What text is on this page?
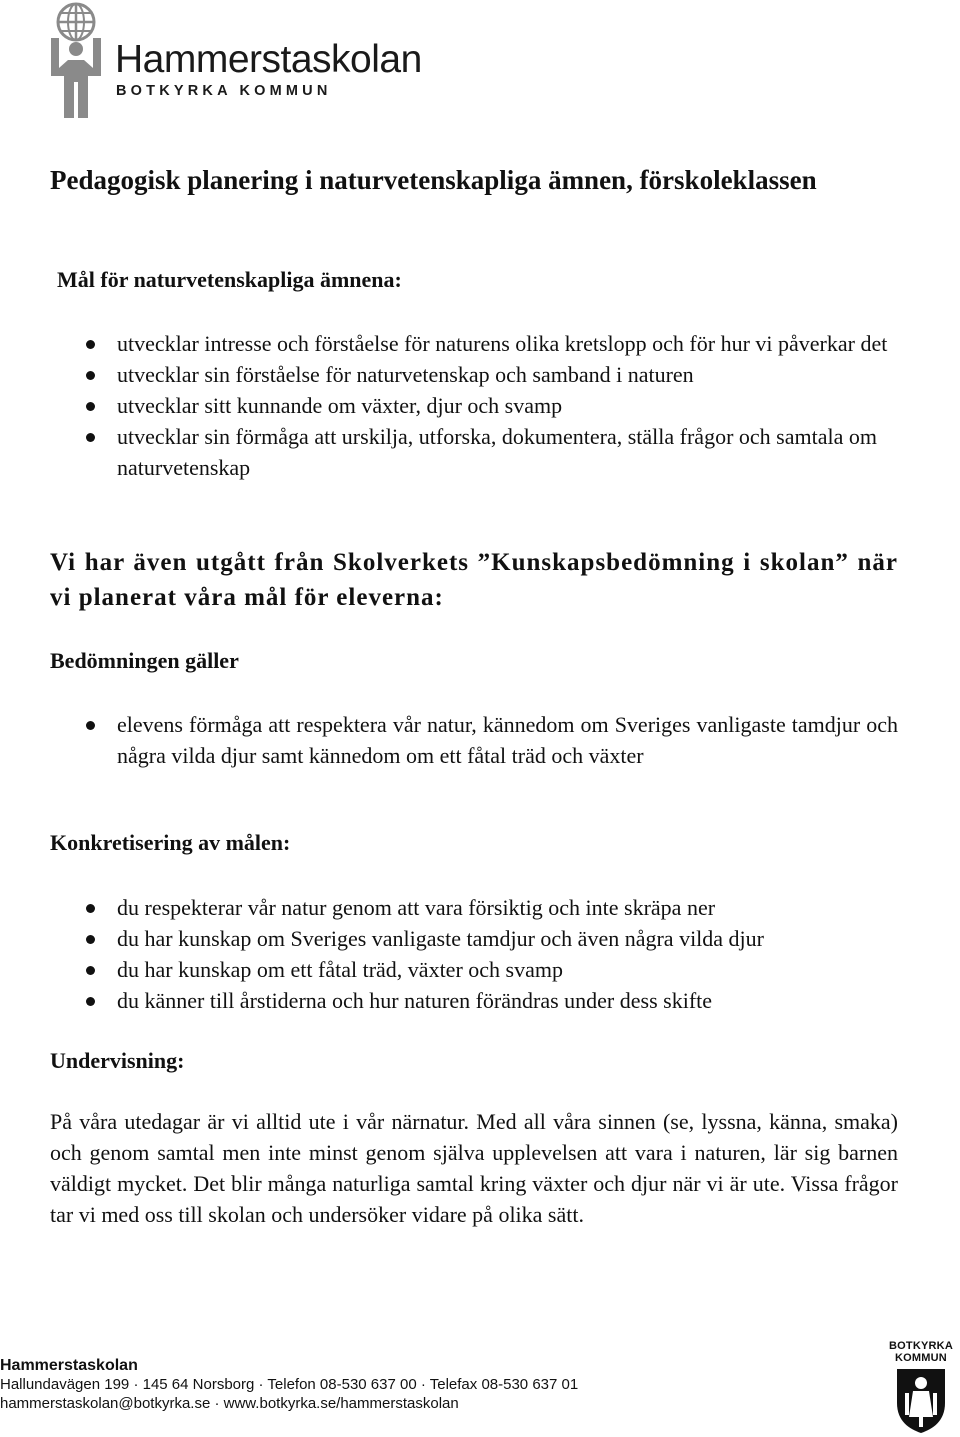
Hammerstaskolan
BOTKYRKA KOMMUN
Pedagogisk planering i naturvetenskapliga ämnen, förskoleklassen
Mål för naturvetenskapliga ämnena:
utvecklar intresse och förståelse för naturens olika kretslopp och för hur vi påverkar det
utvecklar sin förståelse för naturvetenskap och samband i naturen
utvecklar sitt kunnande om växter, djur och svamp
utvecklar sin förmåga att urskilja, utforska, dokumentera, ställa frågor och samtala om naturvetenskap

Vi har även utgått från Skolverkets ”Kunskapsbedömning i skolan” när vi planerat våra mål för eleverna:

Bedömningen gäller
elevens förmåga att respektera vår natur, kännedom om Sveriges vanligaste tamdjur och några vilda djur samt kännedom om ett fåtal träd och växter
Konkretisering av målen:
du respekterar vår natur genom att vara försiktig och inte skräpa ner
du har kunskap om Sveriges vanligaste tamdjur och även några vilda djur
du har kunskap om ett fåtal träd, växter och svamp
du känner till årstiderna och hur naturen förändras under dess skifte
Undervisning:

På våra utedagar är vi alltid ute i vår närnatur. Med all våra sinnen (se, lyssna, känna, smaka) och genom samtal men inte minst genom själva upplevelsen att vara i naturen, lär sig barnen väldigt mycket. Det blir många naturliga samtal kring växter och djur när vi är ute. Vissa frågor tar vi med oss till skolan och undersöker vidare på olika sätt.

Hammerstaskolan
Hallundavägen 199 · 145 64 Norsborg · Telefon 08-530 637 00 · Telefax 08-530 637 01
hammerstaskolan@botkyrka.se · www.botkyrka.se/hammerstaskolan
BOTKYRKA
KOMMUN
